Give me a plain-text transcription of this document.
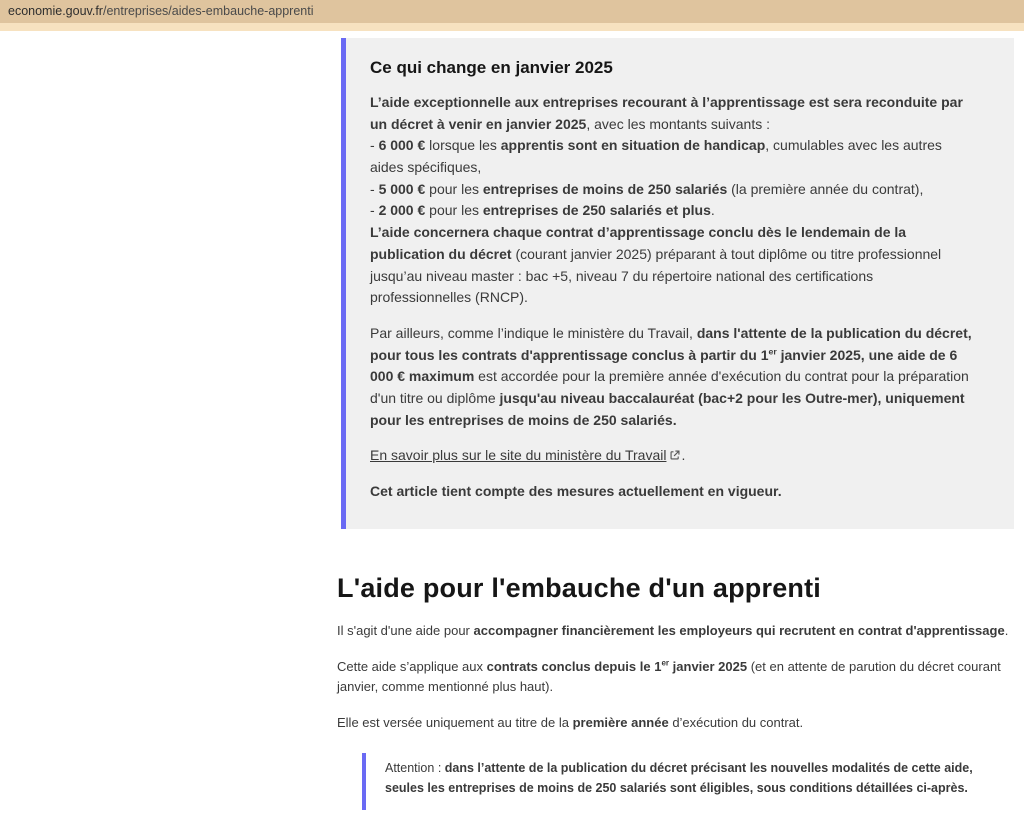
economie.gouv.fr/entreprises/aides-embauche-apprenti
Ce qui change en janvier 2025

L’aide exceptionnelle aux entreprises recourant à l’apprentissage est sera reconduite par un décret à venir en janvier 2025, avec les montants suivants :
- 6 000 € lorsque les apprentis sont en situation de handicap, cumulables avec les autres aides spécifiques,
- 5 000 € pour les entreprises de moins de 250 salariés (la première année du contrat),
- 2 000 € pour les entreprises de 250 salariés et plus.
L’aide concernera chaque contrat d’apprentissage conclu dès le lendemain de la publication du décret (courant janvier 2025) préparant à tout diplôme ou titre professionnel jusqu’au niveau master : bac +5, niveau 7 du répertoire national des certifications professionnelles (RNCP).

Par ailleurs, comme l’indique le ministère du Travail, dans l'attente de la publication du décret, pour tous les contrats d'apprentissage conclus à partir du 1er janvier 2025, une aide de 6 000 € maximum est accordée pour la première année d'exécution du contrat pour la préparation d'un titre ou diplôme jusqu'au niveau baccalauréat (bac+2 pour les Outre-mer), uniquement pour les entreprises de moins de 250 salariés.

En savoir plus sur le site du ministère du Travail .

Cet article tient compte des mesures actuellement en vigueur.

L'aide pour l'embauche d'un apprenti

Il s'agit d'une aide pour accompagner financièrement les employeurs qui recrutent en contrat d'apprentissage.

Cette aide s’applique aux contrats conclus depuis le 1er janvier 2025 (et en attente de parution du décret courant janvier, comme mentionné plus haut).

Elle est versée uniquement au titre de la première année d’exécution du contrat.

Attention : dans l’attente de la publication du décret précisant les nouvelles modalités de cette aide, seules les entreprises de moins de 250 salariés sont éligibles, sous conditions détaillées ci-après.
